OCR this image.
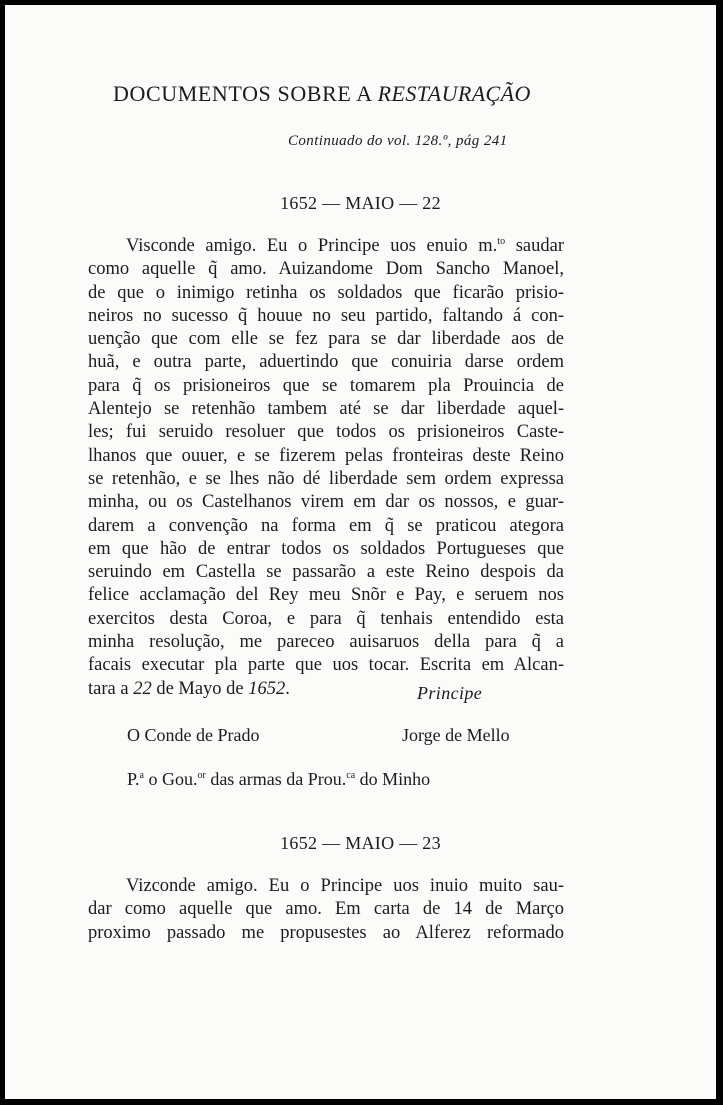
DOCUMENTOS SOBRE A RESTAURAÇÃO
Continuado do vol. 128.º, pág 241
1652 — MAIO — 22
Visconde amigo. Eu o Principe uos enuio m.$^{to}$ saudar
como aquelle q̃ amo. Auizandome Dom Sancho Manoel,
de que o inimigo retinha os soldados que ficarão prisio-
neiros no sucesso q̃ houue no seu partido, faltando á con-
uenção que com elle se fez para se dar liberdade aos de
huã, e outra parte, aduertindo que conuiria darse ordem
para q̃ os prisioneiros que se tomarem pla Prouincia de
Alentejo se retenhão tambem até se dar liberdade aquel-
les; fui seruido resoluer que todos os prisioneiros Caste-
lhanos que ouuer, e se fizerem pelas fronteiras deste Reino
se retenhão, e se lhes não dé liberdade sem ordem expressa
minha, ou os Castelhanos virem em dar os nossos, e guar-
darem a convenção na forma em q̃ se praticou ategora
em que hão de entrar todos os soldados Portugueses que
seruindo em Castella se passarão a este Reino despois da
felice acclamação del Rey meu Snõr e Pay, e seruem nos
exercitos desta Coroa, e para q̃ tenhais entendido esta
minha resolução, me pareceo auisaruos della para q̃ a
facais executar pla parte que uos tocar. Escrita em Alcan-
tara a 22 de Mayo de 1652.	Principe
O Conde de Prado	Jorge de Mello
P.$^a$ o Gou.$^{or}$ das armas da Prou.$^{ca}$ do Minho
1652 — MAIO — 23
Vizconde amigo. Eu o Principe uos inuio muito sau-
dar como aquelle que amo. Em carta de 14 de Março
proximo passado me propusestes ao Alferez reformado
